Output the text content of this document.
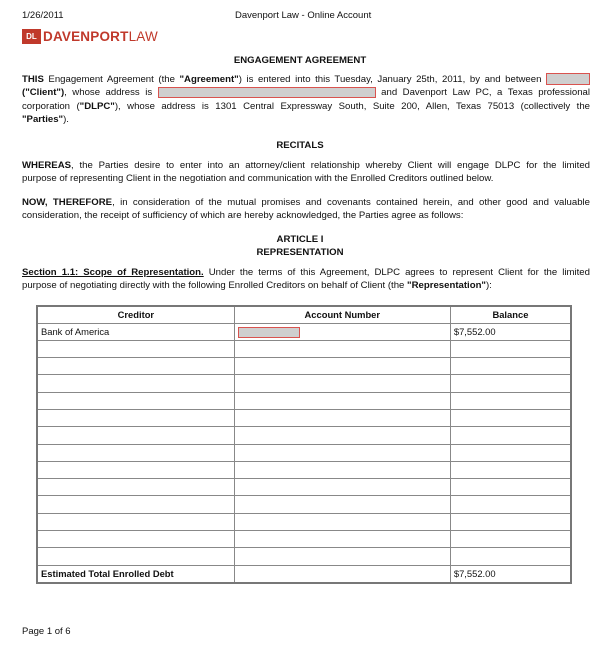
1/26/2011	Davenport Law - Online Account
DL DAVENPORTLAW
ENGAGEMENT AGREEMENT
THIS Engagement Agreement (the "Agreement") is entered into this Tuesday, January 25th, 2011, by and between
("Client"), whose address is	and Davenport Law PC, a Texas professional
corporation ("DLPC"), whose address is 1301 Central Expressway South, Suite 200, Allen, Texas 75013 (collectively the
"Parties").
RECITALS
WHEREAS, the Parties desire to enter into an attorney/client relationship whereby Client will engage DLPC for the limited
purpose of representing Client in the negotiation and communication with the Enrolled Creditors outlined below.
NOW, THEREFORE, in consideration of the mutual promises and covenants contained herein, and other good and valuable
consideration, the receipt of sufficiency of which are hereby acknowledged, the Parties agree as follows:
ARTICLE I
REPRESENTATION
Section 1.1: Scope of Representation. Under the terms of this Agreement, DLPC agrees to represent Client for the limited
purpose of negotiating directly with the following Enrolled Creditors on behalf of Client (the "Representation"):
Creditor	Account Number	Balance
Bank of America		$7,552.00

Estimated Total Enrolled Debt		$7,552.00
Page 1 of 6
